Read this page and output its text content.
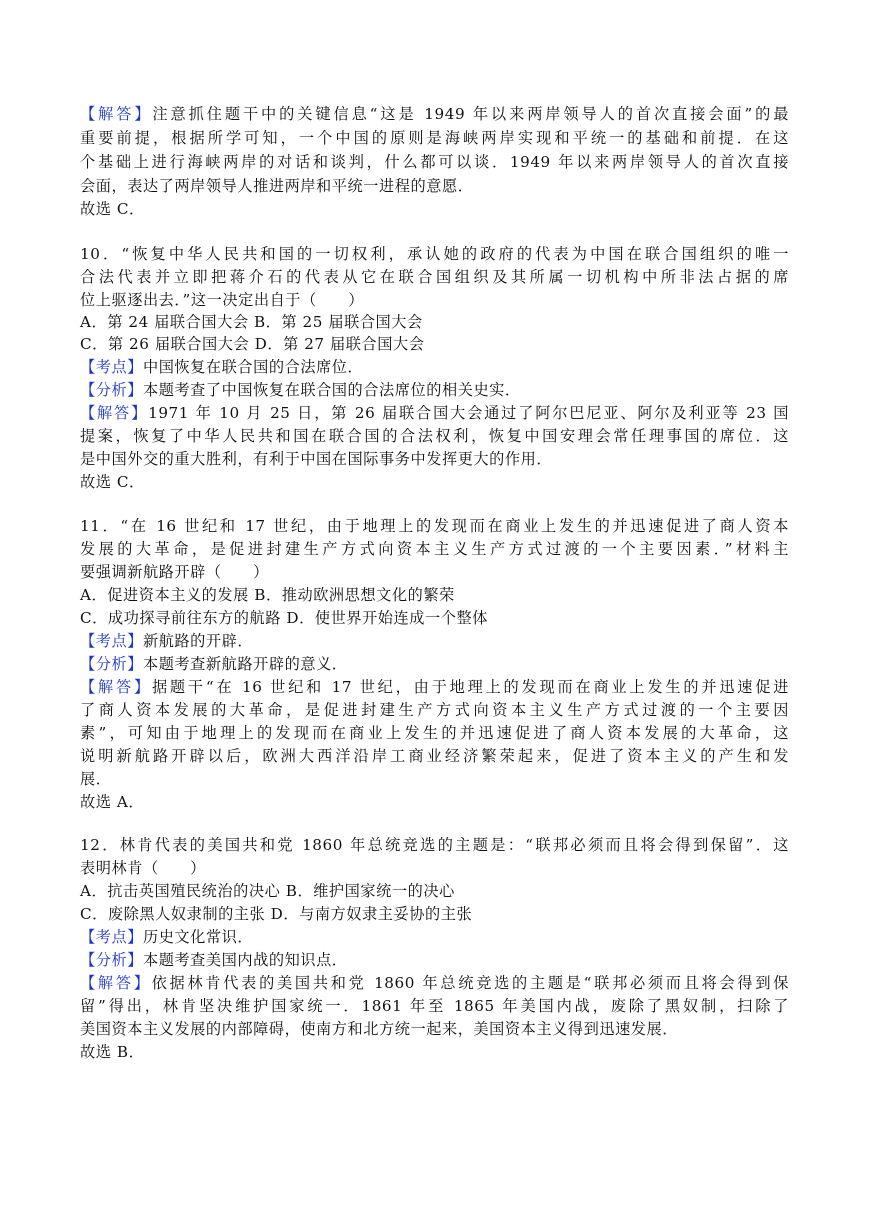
【解答】注意抓住题干中的关键信息“这是 1949 年以来两岸领导人的首次直接会面”的最
重要前提，根据所学可知，一个中国的原则是海峡两岸实现和平统一的基础和前提．在这
个基础上进行海峡两岸的对话和谈判，什么都可以谈．1949 年以来两岸领导人的首次直接
会面，表达了两岸领导人推进两岸和平统一进程的意愿．
故选 C．
10．“恢复中华人民共和国的一切权利，承认她的政府的代表为中国在联合国组织的唯一
合法代表并立即把蒋介石的代表从它在联合国组织及其所属一切机构中所非法占据的席
位上驱逐出去．”这一决定出自于（　　）
A．第 24 届联合国大会 B．第 25 届联合国大会
C．第 26 届联合国大会 D．第 27 届联合国大会
【考点】中国恢复在联合国的合法席位．
【分析】本题考查了中国恢复在联合国的合法席位的相关史实．
【解答】1971 年 10 月 25 日，第 26 届联合国大会通过了阿尔巴尼亚、阿尔及利亚等 23 国
提案，恢复了中华人民共和国在联合国的合法权利，恢复中国安理会常任理事国的席位．这
是中国外交的重大胜利，有利于中国在国际事务中发挥更大的作用．
故选 C．
11．“在 16 世纪和 17 世纪，由于地理上的发现而在商业上发生的并迅速促进了商人资本
发展的大革命，是促进封建生产方式向资本主义生产方式过渡的一个主要因素．”材料主
要强调新航路开辟（　　）
A．促进资本主义的发展 B．推动欧洲思想文化的繁荣
C．成功探寻前往东方的航路 D．使世界开始连成一个整体
【考点】新航路的开辟．
【分析】本题考查新航路开辟的意义．
【解答】据题干“在 16 世纪和 17 世纪，由于地理上的发现而在商业上发生的并迅速促进
了商人资本发展的大革命，是促进封建生产方式向资本主义生产方式过渡的一个主要因
素”，可知由于地理上的发现而在商业上发生的并迅速促进了商人资本发展的大革命，这
说明新航路开辟以后，欧洲大西洋沿岸工商业经济繁荣起来，促进了资本主义的产生和发
展．
故选 A．
12．林肯代表的美国共和党 1860 年总统竞选的主题是：“联邦必须而且将会得到保留”．这
表明林肯（　　）
A．抗击英国殖民统治的决心 B．维护国家统一的决心
C．废除黑人奴隶制的主张 D．与南方奴隶主妥协的主张
【考点】历史文化常识．
【分析】本题考查美国内战的知识点．
【解答】依据林肯代表的美国共和党 1860 年总统竞选的主题是“联邦必须而且将会得到保
留”得出，林肯坚决维护国家统一．1861 年至 1865 年美国内战，废除了黑奴制，扫除了
美国资本主义发展的内部障碍，使南方和北方统一起来，美国资本主义得到迅速发展．
故选 B．
